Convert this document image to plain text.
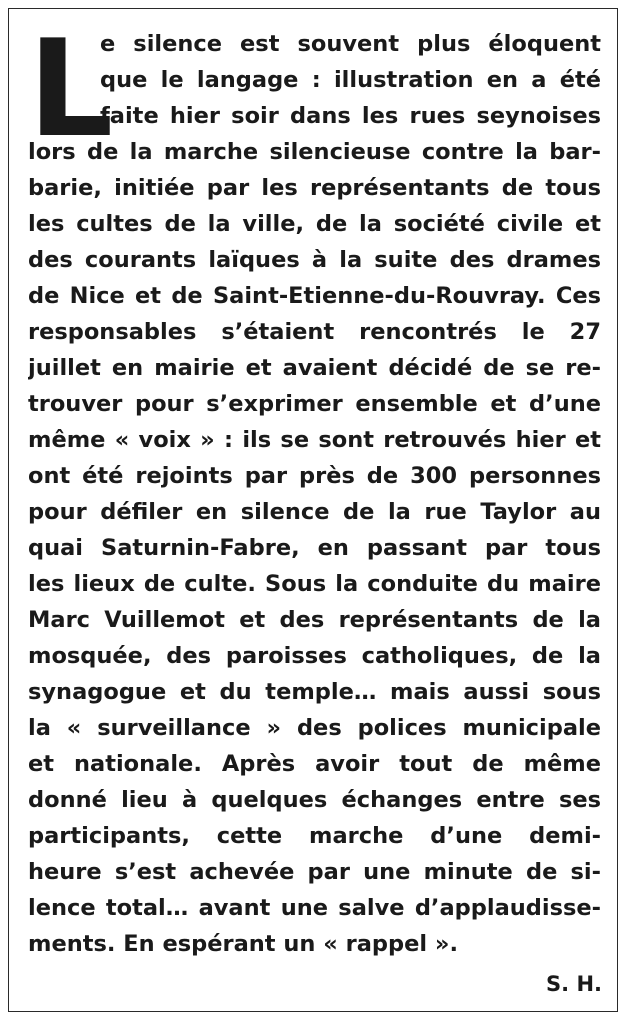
L
e silence est souvent plus éloquent
que le langage : illustration en a été
faite hier soir dans les rues seynoises
lors de la marche silencieuse contre la bar-
barie, initiée par les représentants de tous
les cultes de la ville, de la société civile et
des courants laïques à la suite des drames
de Nice et de Saint-Etienne-du-Rouvray. Ces
responsables s’étaient rencontrés le 27
juillet en mairie et avaient décidé de se re-
trouver pour s’exprimer ensemble et d’une
même « voix » : ils se sont retrouvés hier et
ont été rejoints par près de 300 personnes
pour défiler en silence de la rue Taylor au
quai Saturnin-Fabre, en passant par tous
les lieux de culte. Sous la conduite du maire
Marc Vuillemot et des représentants de la
mosquée, des paroisses catholiques, de la
synagogue et du temple… mais aussi sous
la « surveillance » des polices municipale
et nationale. Après avoir tout de même
donné lieu à quelques échanges entre ses
participants, cette marche d’une demi-
heure s’est achevée par une minute de si-
lence total… avant une salve d’applaudisse-
ments. En espérant un « rappel ».
S. H.
